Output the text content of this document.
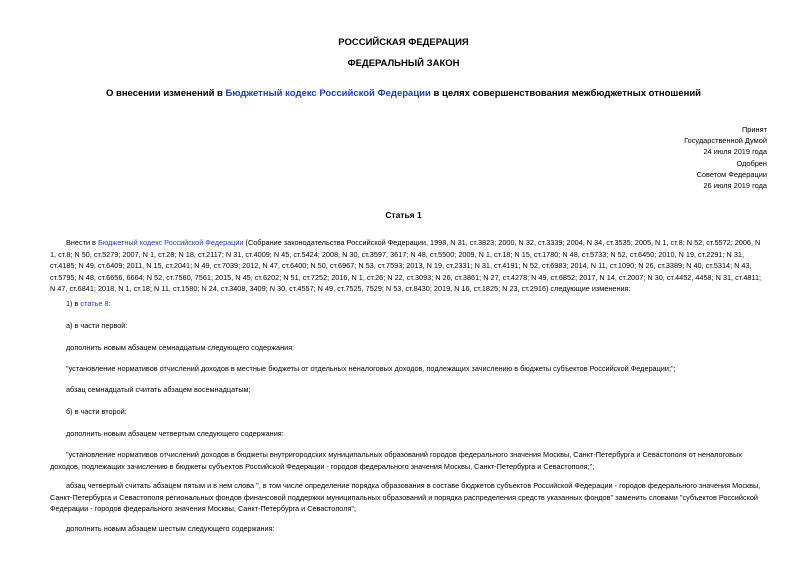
РОССИЙСКАЯ ФЕДЕРАЦИЯ
ФЕДЕРАЛЬНЫЙ ЗАКОН
О внесении изменений в Бюджетный кодекс Российской Федерации в целях совершенствования межбюджетных отношений
Принят
Государственной Думой
24 июля 2019 года
Одобрен
Советом Федерации
26 июля 2019 года
Статья 1
Внести в Бюджетный кодекс Российской Федерации (Собрание законодательства Российской Федерации, 1998, N 31, ст.3823; 2000, N 32, ст.3339; 2004, N 34, ст.3535; 2005, N 1, ст.8; N 52, ст.5572; 2006, N 1, ст.8; N 50, ст.5279; 2007, N 1, ст.28; N 18, ст.2117; N 31, ст.4009; N 45, ст.5424; 2008, N 30, ст.3597, 3617; N 48, ст.5500; 2009, N 1, ст.18; N 15, ст.1780; N 48, ст.5733; N 52, ст.6450; 2010, N 19, ст.2291; N 31, ст.4185; N 49, ст.6409; 2011, N 15, ст.2041; N 49, ст.7039; 2012, N 47, ст.6400; N 50, ст.6967; N 53, ст.7593; 2013, N 19, ст.2331; N 31, ст.4191; N 52, ст.6983; 2014, N 11, ст.1090; N 26, ст.3389; N 40, ст.5314; N 43, ст.5795; N 48, ст.6656, 6664; N 52, ст.7560, 7561; 2015, N 45, ст.6202; N 51, ст.7252; 2016, N 1, ст.26; N 22, ст.3093; N 26, ст.3861; N 27, ст.4278; N 49, ст.6852; 2017, N 14, ст.2007; N 30, ст.4452, 4458; N 31, ст.4811; N 47, ст.6841; 2018, N 1, ст.18; N 11, ст.1580; N 24, ст.3408, 3409; N 30, ст.4557; N 49, ст.7525, 7529; N 53, ст.8430; 2019, N 16, ст.1825; N 23, ст.2916) следующие изменения:
1) в статье 8:
а) в части первой:
дополнить новым абзацем семнадцатым следующего содержания:
"установление нормативов отчислений доходов в местные бюджеты от отдельных неналоговых доходов, подлежащих зачислению в бюджеты субъектов Российской Федерации;";
абзац семнадцатый считать абзацем восемнадцатым;
б) в части второй:
дополнить новым абзацем четвертым следующего содержания:
"установление нормативов отчислений доходов в бюджеты внутригородских муниципальных образований городов федерального значения Москвы, Санкт-Петербурга и Севастополя от неналоговых доходов, подлежащих зачислению в бюджеты субъектов Российской Федерации - городов федерального значения Москвы, Санкт-Петербурга и Севастополя;";
абзац четвертый считать абзацем пятым и в нем слова ", в том числе определение порядка образования в составе бюджетов субъектов Российской Федерации - городов федерального значения Москвы, Санкт-Петербурга и Севастополя региональных фондов финансовой поддержки муниципальных образований и порядка распределения средств указанных фондов" заменить словами "субъектов Российской Федерации - городов федерального значения Москвы, Санкт-Петербурга и Севастополя";
дополнить новым абзацем шестым следующего содержания:
